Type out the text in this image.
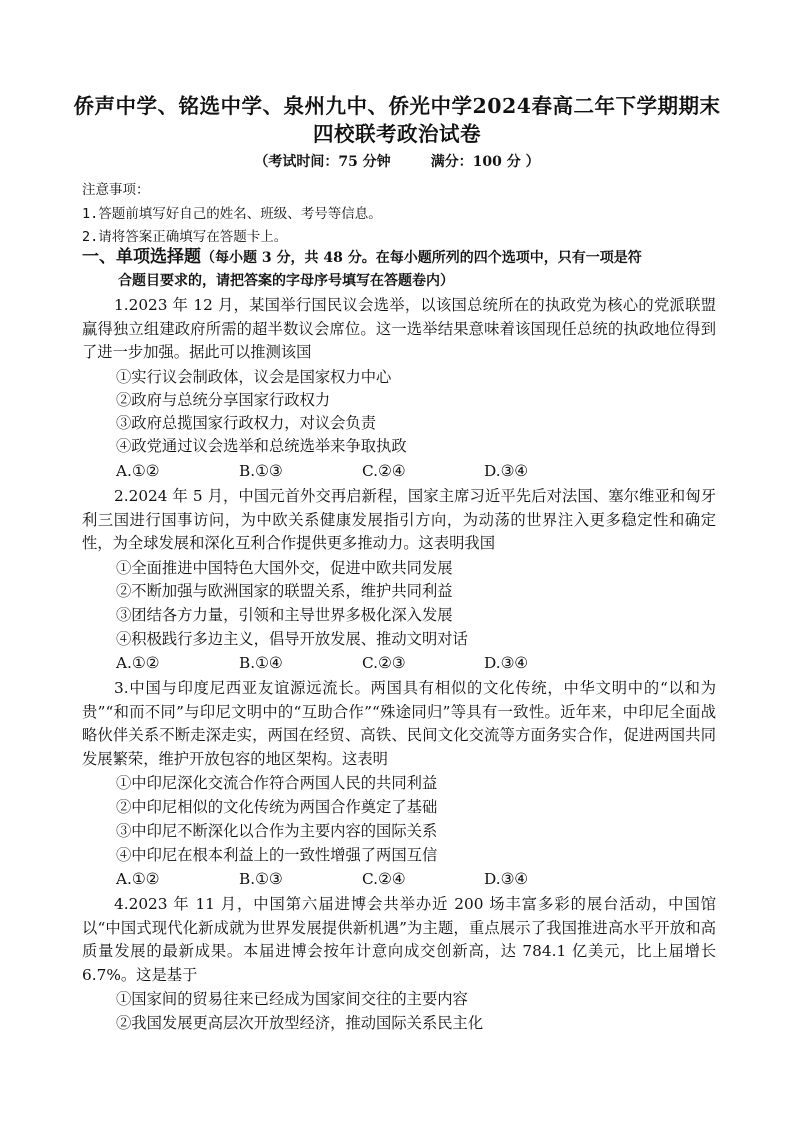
侨声中学、铭选中学、泉州九中、侨光中学2024春高二年下学期期末
四校联考政治试卷
（考试时间：75 分钟	满分：100 分 ）
注意事项：
1.答题前填写好自己的姓名、班级、考号等信息。
2.请将答案正确填写在答题卡上。
一、单项选择题（每小题 3 分，共 48 分。在每小题所列的四个选项中，只有一项是符
合题目要求的，请把答案的字母序号填写在答题卷内）
1.2023 年 12 月，某国举行国民议会选举，以该国总统所在的执政党为核心的党派联盟赢得独立组建政府所需的超半数议会席位。这一选举结果意味着该国现任总统的执政地位得到了进一步加强。据此可以推测该国
①实行议会制政体，议会是国家权力中心
②政府与总统分享国家行政权力
③政府总揽国家行政权力，对议会负责
④政党通过议会选举和总统选举来争取执政
A.①②	B.①③	C.②④	D.③④
2.2024 年 5 月，中国元首外交再启新程，国家主席习近平先后对法国、塞尔维亚和匈牙利三国进行国事访问，为中欧关系健康发展指引方向，为动荡的世界注入更多稳定性和确定性，为全球发展和深化互利合作提供更多推动力。这表明我国
①全面推进中国特色大国外交，促进中欧共同发展
②不断加强与欧洲国家的联盟关系，维护共同利益
③团结各方力量，引领和主导世界多极化深入发展
④积极践行多边主义，倡导开放发展、推动文明对话
A.①②	B.①④	C.②③	D.③④
3.中国与印度尼西亚友谊源远流长。两国具有相似的文化传统，中华文明中的“以和为贵”“和而不同”与印尼文明中的“互助合作”“殊途同归”等具有一致性。近年来，中印尼全面战略伙伴关系不断走深走实，两国在经贸、高铁、民间文化交流等方面务实合作，促进两国共同发展繁荣，维护开放包容的地区架构。这表明
①中印尼深化交流合作符合两国人民的共同利益
②中印尼相似的文化传统为两国合作奠定了基础
③中印尼不断深化以合作为主要内容的国际关系
④中印尼在根本利益上的一致性增强了两国互信
A.①②	B.①③	C.②④	D.③④
4.2023 年 11 月，中国第六届进博会共举办近 200 场丰富多彩的展台活动，中国馆以“中国式现代化新成就为世界发展提供新机遇”为主题，重点展示了我国推进高水平开放和高质量发展的最新成果。本届进博会按年计意向成交创新高，达 784.1 亿美元，比上届增长 6.7%。这是基于
①国家间的贸易往来已经成为国家间交往的主要内容
②我国发展更高层次开放型经济，推动国际关系民主化
